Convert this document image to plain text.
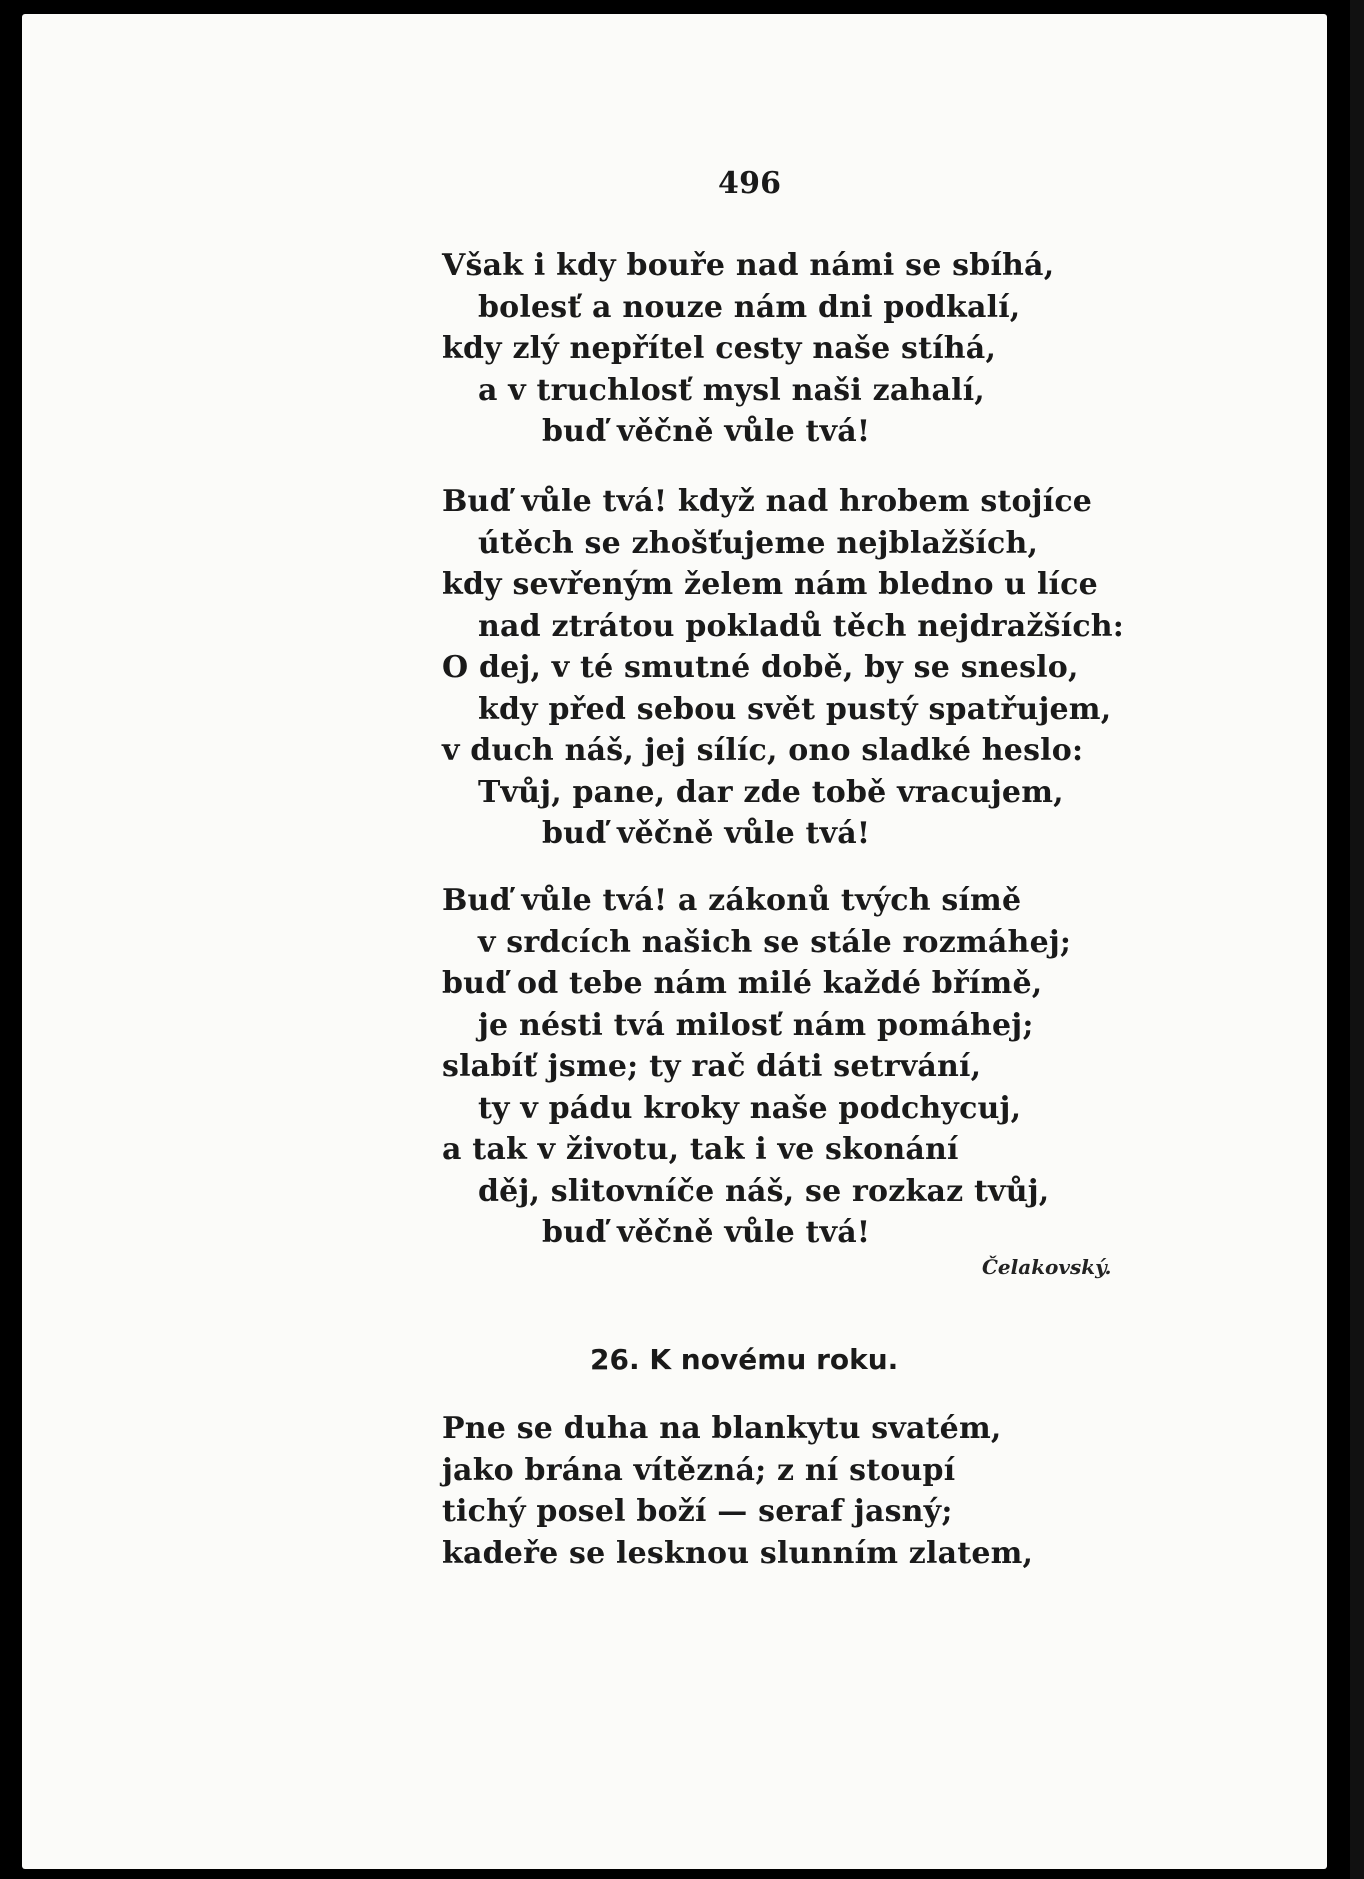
496
Však i kdy bouře nad námi se sbíhá,
bolesť a nouze nám dni podkalí,
kdy zlý nepřítel cesty naše stíhá,
a v truchlosť mysl naši zahalí,
buď věčně vůle tvá!
Buď vůle tvá! když nad hrobem stojíce
útěch se zhošťujeme nejblažších,
kdy sevřeným želem nám bledno u líce
nad ztrátou pokladů těch nejdražších:
O dej, v té smutné době, by se sneslo,
kdy před sebou svět pustý spatřujem,
v duch náš, jej sílíc, ono sladké heslo:
Tvůj, pane, dar zde tobě vracujem,
buď věčně vůle tvá!
Buď vůle tvá! a zákonů tvých símě
v srdcích našich se stále rozmáhej;
buď od tebe nám milé každé břímě,
je nésti tvá milosť nám pomáhej;
slabíť jsme; ty rač dáti setrvání,
ty v pádu kroky naše podchycuj,
a tak v životu, tak i ve skonání
děj, slitovníče náš, se rozkaz tvůj,
buď věčně vůle tvá!
Čelakovský.
26. K novému roku.
Pne se duha na blankytu svatém,
jako brána vítězná; z ní stoupí
tichý posel boží — seraf jasný;
kadeře se lesknou slunním zlatem,
